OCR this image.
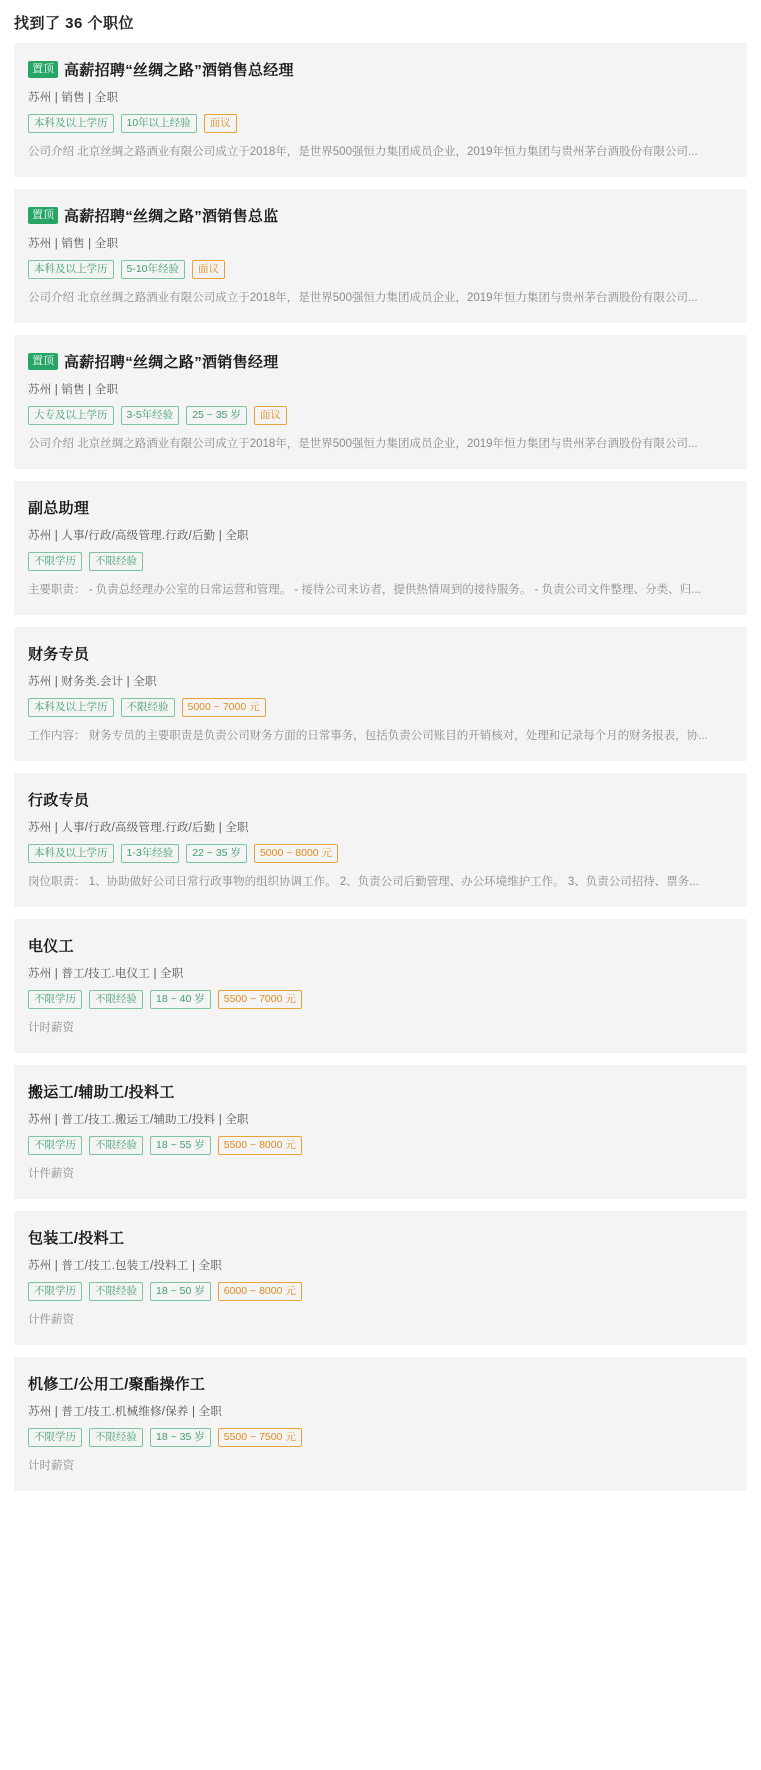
找到了 36 个职位
置顶 高薪招聘“丝绸之路”酒销售总经理
苏州 | 销售 | 全职
本科及以上学历	10年以上经验	面议
公司介绍 北京丝绸之路酒业有限公司成立于2018年，是世界500强恒力集团成员企业，2019年恒力集团与贵州茅台酒股份有限公司...
置顶 高薪招聘“丝绸之路”酒销售总监
苏州 | 销售 | 全职
本科及以上学历	5-10年经验	面议
公司介绍 北京丝绸之路酒业有限公司成立于2018年，是世界500强恒力集团成员企业，2019年恒力集团与贵州茅台酒股份有限公司...
置顶 高薪招聘“丝绸之路”酒销售经理
苏州 | 销售 | 全职
大专及以上学历	3-5年经验	25 ~ 35 岁	面议
公司介绍 北京丝绸之路酒业有限公司成立于2018年，是世界500强恒力集团成员企业，2019年恒力集团与贵州茅台酒股份有限公司...
副总助理
苏州 | 人事/行政/高级管理.行政/后勤 | 全职
不限学历	不限经验
主要职责： - 负责总经理办公室的日常运营和管理。 - 接待公司来访者，提供热情周到的接待服务。 - 负责公司文件整理、分类、归...
财务专员
苏州 | 财务类.会计 | 全职
本科及以上学历	不限经验	5000 ~ 7000 元
工作内容： 财务专员的主要职责是负责公司财务方面的日常事务，包括负责公司账目的开销核对，处理和记录每个月的财务报表，协...
行政专员
苏州 | 人事/行政/高级管理.行政/后勤 | 全职
本科及以上学历	1-3年经验	22 ~ 35 岁	5000 ~ 8000 元
岗位职责： 1、协助做好公司日常行政事物的组织协调工作。 2、负责公司后勤管理、办公环境维护工作。 3、负责公司招待、票务...
电仪工
苏州 | 普工/技工.电仪工 | 全职
不限学历	不限经验	18 ~ 40 岁	5500 ~ 7000 元
计时薪资
搬运工/辅助工/投料工
苏州 | 普工/技工.搬运工/辅助工/投料 | 全职
不限学历	不限经验	18 ~ 55 岁	5500 ~ 8000 元
计件薪资
包装工/投料工
苏州 | 普工/技工.包装工/投料工 | 全职
不限学历	不限经验	18 ~ 50 岁	6000 ~ 8000 元
计件薪资
机修工/公用工/聚酯操作工
苏州 | 普工/技工.机械维修/保养 | 全职
不限学历	不限经验	18 ~ 35 岁	5500 ~ 7500 元
计时薪资
